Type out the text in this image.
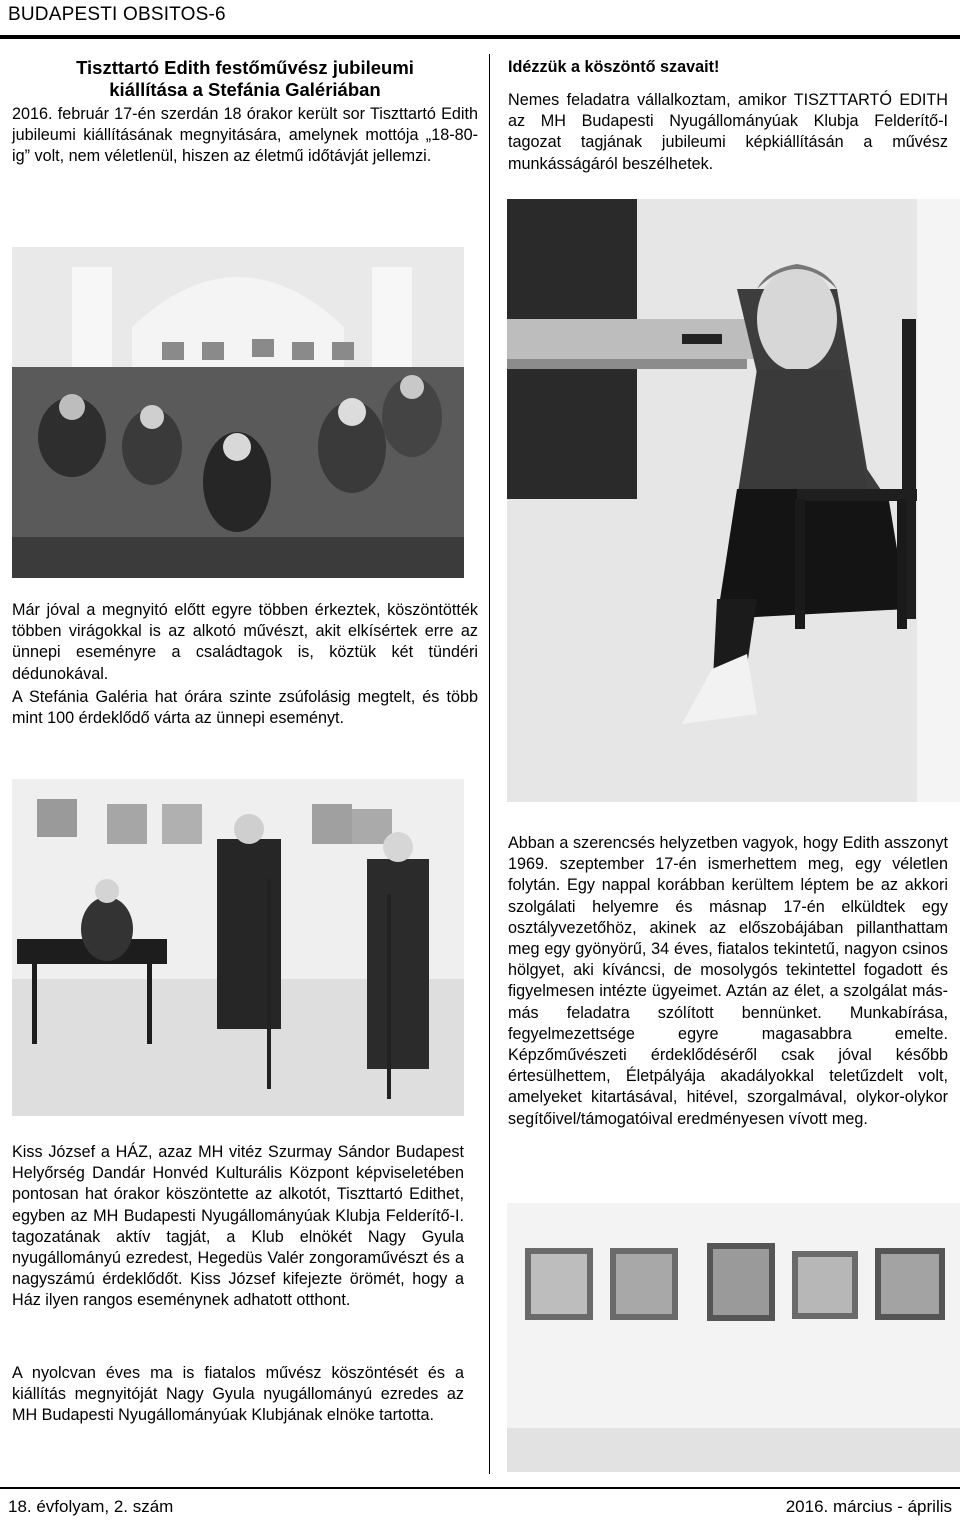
BUDAPESTI OBSITOS-6
Tiszttartó Edith festőművész jubileumi
kiállítása a Stefánia Galériában
2016. február 17-én szerdán 18 órakor került sor Tiszttartó Edith jubileumi kiállításának megnyitására, amelynek mottója „18-80-ig” volt, nem véletlenül, hiszen az életmű időtávját jellemzi.
Már jóval a megnyitó előtt egyre többen érkeztek, köszöntötték többen virágokkal is az alkotó művészt, akit elkísértek erre az ünnepi eseményre a családtagok is, köztük két tündéri dédunokával.
A Stefánia Galéria hat órára szinte zsúfolásig megtelt, és több mint 100 érdeklődő várta az ünnepi eseményt.
Kiss József a HÁZ, azaz MH vitéz Szurmay Sándor Budapest Helyőrség Dandár Honvéd Kulturális Központ képviseletében pontosan hat órakor köszöntette az alkotót, Tiszttartó Edithet, egyben az MH Budapesti Nyugállományúak Klubja Felderítő-I. tagozatának aktív tagját, a Klub elnökét Nagy Gyula nyugállományú ezredest, Hegedüs Valér zongoraművészt és a nagyszámú érdeklődőt. Kiss József kifejezte örömét, hogy a Ház ilyen rangos eseménynek adhatott otthont.
A nyolcvan éves ma is fiatalos művész köszöntését és a kiállítás megnyitóját Nagy Gyula nyugállományú ezredes az MH Budapesti Nyugállományúak Klubjának elnöke tartotta.
Idézzük a köszöntő szavait!
Nemes feladatra vállalkoztam, amikor TISZTTARTÓ EDITH az MH Budapesti Nyugállományúak Klubja Felderítő-I tagozat tagjának jubileumi képkiállításán a művész munkásságáról beszélhetek.
Abban a szerencsés helyzetben vagyok, hogy Edith asszonyt 1969. szeptember 17-én ismerhettem meg, egy véletlen folytán. Egy nappal korábban kerültem léptem be az akkori szolgálati helyemre és másnap 17-én elküldtek egy osztályvezetőhöz, akinek az előszobájában pillanthattam meg egy gyönyörű, 34 éves, fiatalos tekintetű, nagyon csinos hölgyet, aki kíváncsi, de mosolygós tekintettel fogadott és figyelmesen intézte ügyeimet. Aztán az élet, a szolgálat más-más feladatra szólított bennünket. Munkabírása, fegyelmezettsége egyre magasabbra emelte. Képzőművészeti érdeklődéséről csak jóval később értesülhettem, Életpályája akadályokkal teletűzdelt volt, amelyeket kitartásával, hitével, szorgalmával, olykor-olykor segítőivel/támogatóival eredményesen vívott meg.
18. évfolyam, 2. szám	2016. március - április
